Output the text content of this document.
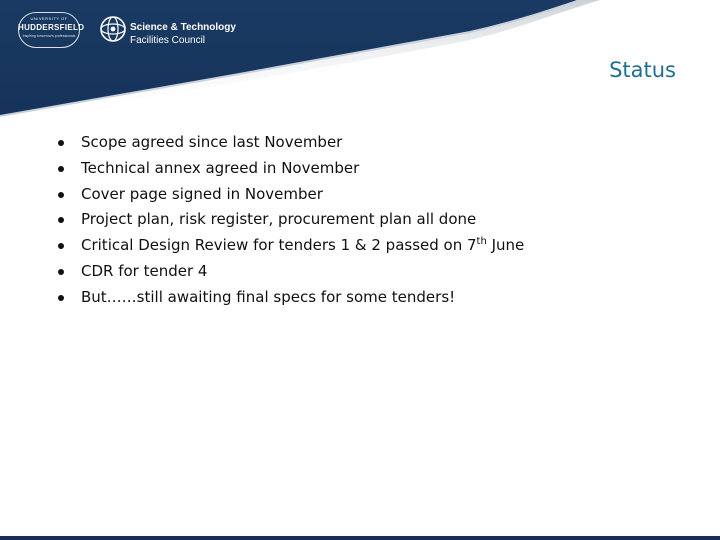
UNIVERSITY OF
HUDDERSFIELD
Inspiring tomorrow's professionals
Science & Technology
Facilities Council
Status
Scope agreed since last November
Technical annex agreed in November
Cover page signed in November
Project plan, risk register, procurement plan all done
Critical Design Review for tenders 1 & 2 passed on 7th June
CDR for tender 4
But……still awaiting final specs for some tenders!
